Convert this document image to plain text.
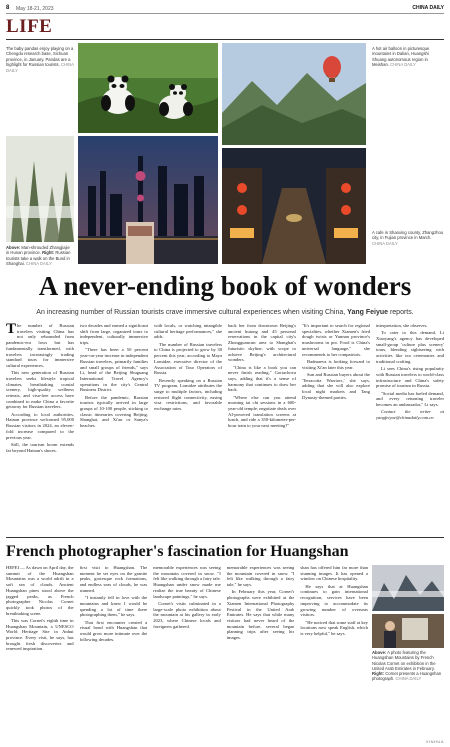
8 May 18-21, 2023	CHINA DAILY
LIFE
The baby pandas enjoy playing on a Chengdu research base, Sichuan province, in January. Pandas are a highlight for Russian tourists. CHINA DAILY
Above: Man-shrouded Zhangjiajie in Hunan province. Right: Russian tourists take a walk on the Bund in Shanghai. CHINA DAILY
A hot air balloon in picturesque mountains in Dalian, Huangshi Shuang autonomous region in Meishan. CHINA DAILY
A cafe in Shaoxing county, Zhangzhou city, in Fujian province in March. CHINA DAILY
A never-ending book of wonders
An increasing number of Russian tourists crave immersive cultural experiences when visiting China, Yang Feiyue reports.

The number of Russian travelers visiting China has not only rebounded from pandemic-era lows but has fundamentally transformed, with travelers increasingly trading standard tours for immersive cultural experiences.

This new generation of Russian travelers seeks lifestyle tropical climates, breathtaking coastal scenery, high-quality wellness retreats, and visa-free access have combined to make China a favorite getaway for Russian travelers.

According to local authorities, Hainan province welcomed 95,000 Russian visitors in 2024, an eleven-fold increase compared to the previous year.

Still, the tourism boom extends far beyond Hainan's shores.

two decades and earned a significant shift from large, organized tours to independent, culturally immersive trips.

"There has been a 50 percent year-on-year increase in independent Russian travelers, primarily families and small groups of friends," says Li, head of the Beijing Shuguang International Travel Agency's operations in the city's Central Business District.

Before the pandemic, Russian tourists typically arrived in large groups of 10-100 people, sticking to classic itineraries covering Beijing, Shanghai, and Xi'an or Sanya's beaches.

with locals, or watching intangible cultural heritage performances," she adds.

The number of Russian travelers to China is projected to grow by 30 percent this year, according to Maya Lomidze, executive director of the Association of Tour Operators of Russia.

Recently speaking on a Russian TV program, Lomidze attributes the surge to multiple factors, including restored flight connectivity, easing visa restrictions, and favorable exchange rates.

back her from downtown Beijing's ancient hutong and 45 personal reservations in the capital city's Zhongguancun area to Shanghai's futuristic skyline, with scope to achieve Beijing's architectural wonders.

"China is like a book you can never finish reading," Goriachova says, adding that it's a sense of harmony that continues to draw her back.

"Where else can you attend morning tai chi sessions in a 600-year-old temple, negotiate deals over AI-powered translation screens at lunch, and ride a 350-kilometer-per-hour train to your next meeting?"

"It's important to search for regional specialties, whether Xiamen's fried dough twists or Yunnan province's mushrooms in pot. Food is China's universal language," she recommends to her compatriots.

Badmaeva is looking forward to visiting Xi'an later this year.

Sun and Russian buyers about the 'Terracotta Warriors,' she says, adding that she will also explore local night markets and Tang Dynasty-themed parties.

interpretation, she observes.

To cater to this demand, Li Xiaoyang's agency has developed small-group 'culture plus scenery' tours, blending sightseeing with activities like tea ceremonies and traditional crafting.

Li sees China's rising popularity with Russian travelers to world-class infrastructure and China's safety promise of tourism in Russia.

"Social media has fueled demand, and every returning traveler becomes an ambassador," Li says.

Contact the writer at yangfeiyue@chinadaily.com.cn

French photographer's fascination for Huangshan

HEFEI — As dawn on April day, the summit of the Huangshan Mountains was a world adrift in a soft sea of clouds. Ancient Huangshan pines stood above the jagged peaks, as French photographer Nicolas Cornet quickly took photos of the breathtaking scene.

This was Cornet's eighth time in Huangshan Mountain, a UNESCO World Heritage Site in Anhui province. Every visit, he says, has brought fresh discoveries and renewed inspiration.

first visit to Huangshan. The moment he set eyes on the granite peaks, grotesque rock formations, and endless seas of clouds, he was stunned.

"I instantly fell in love with the mountains and knew I would be spending a lot of time there photographing them," he says.

That first encounter created a visual bond with Huangshan that would grow more intimate over the following decades.

memorable experiences was seeing the mountain covered in snow. "I felt like walking through a fairy tale. Huangshan under snow made me realize the true beauty of Chinese landscape paintings," he says.

Cornet's visits culminated in a large-scale photo exhibition about the mountain at his gallery in early 2023, where Chinese locals and foreigners gathered.

memorable experiences was seeing the mountain covered in snow. "I felt like walking through a fairy tale," he says.

In February this year, Cornet's photographs were exhibited at the Xiamen International Photography Festival in the United Arab Emirates. He says that while many visitors had never heard of the mountain before, several began planning trips after seeing his images.

shan has offered him far more than stunning images. It has opened a window on Chinese hospitality.

He says that at Huangshan continues to gain international recognition, services have been improving to accommodate its growing number of overseas visitors.

"He noticed that some staff at key locations now speak English, which is very helpful," he says.

Above: A photo featuring the Huangshan Mountains by French Nicolas Cornet on exhibition in the United Arab Emirates in February. Right: Cornet presents a Huangshan photograph. CHINA DAILY
XINHUA
